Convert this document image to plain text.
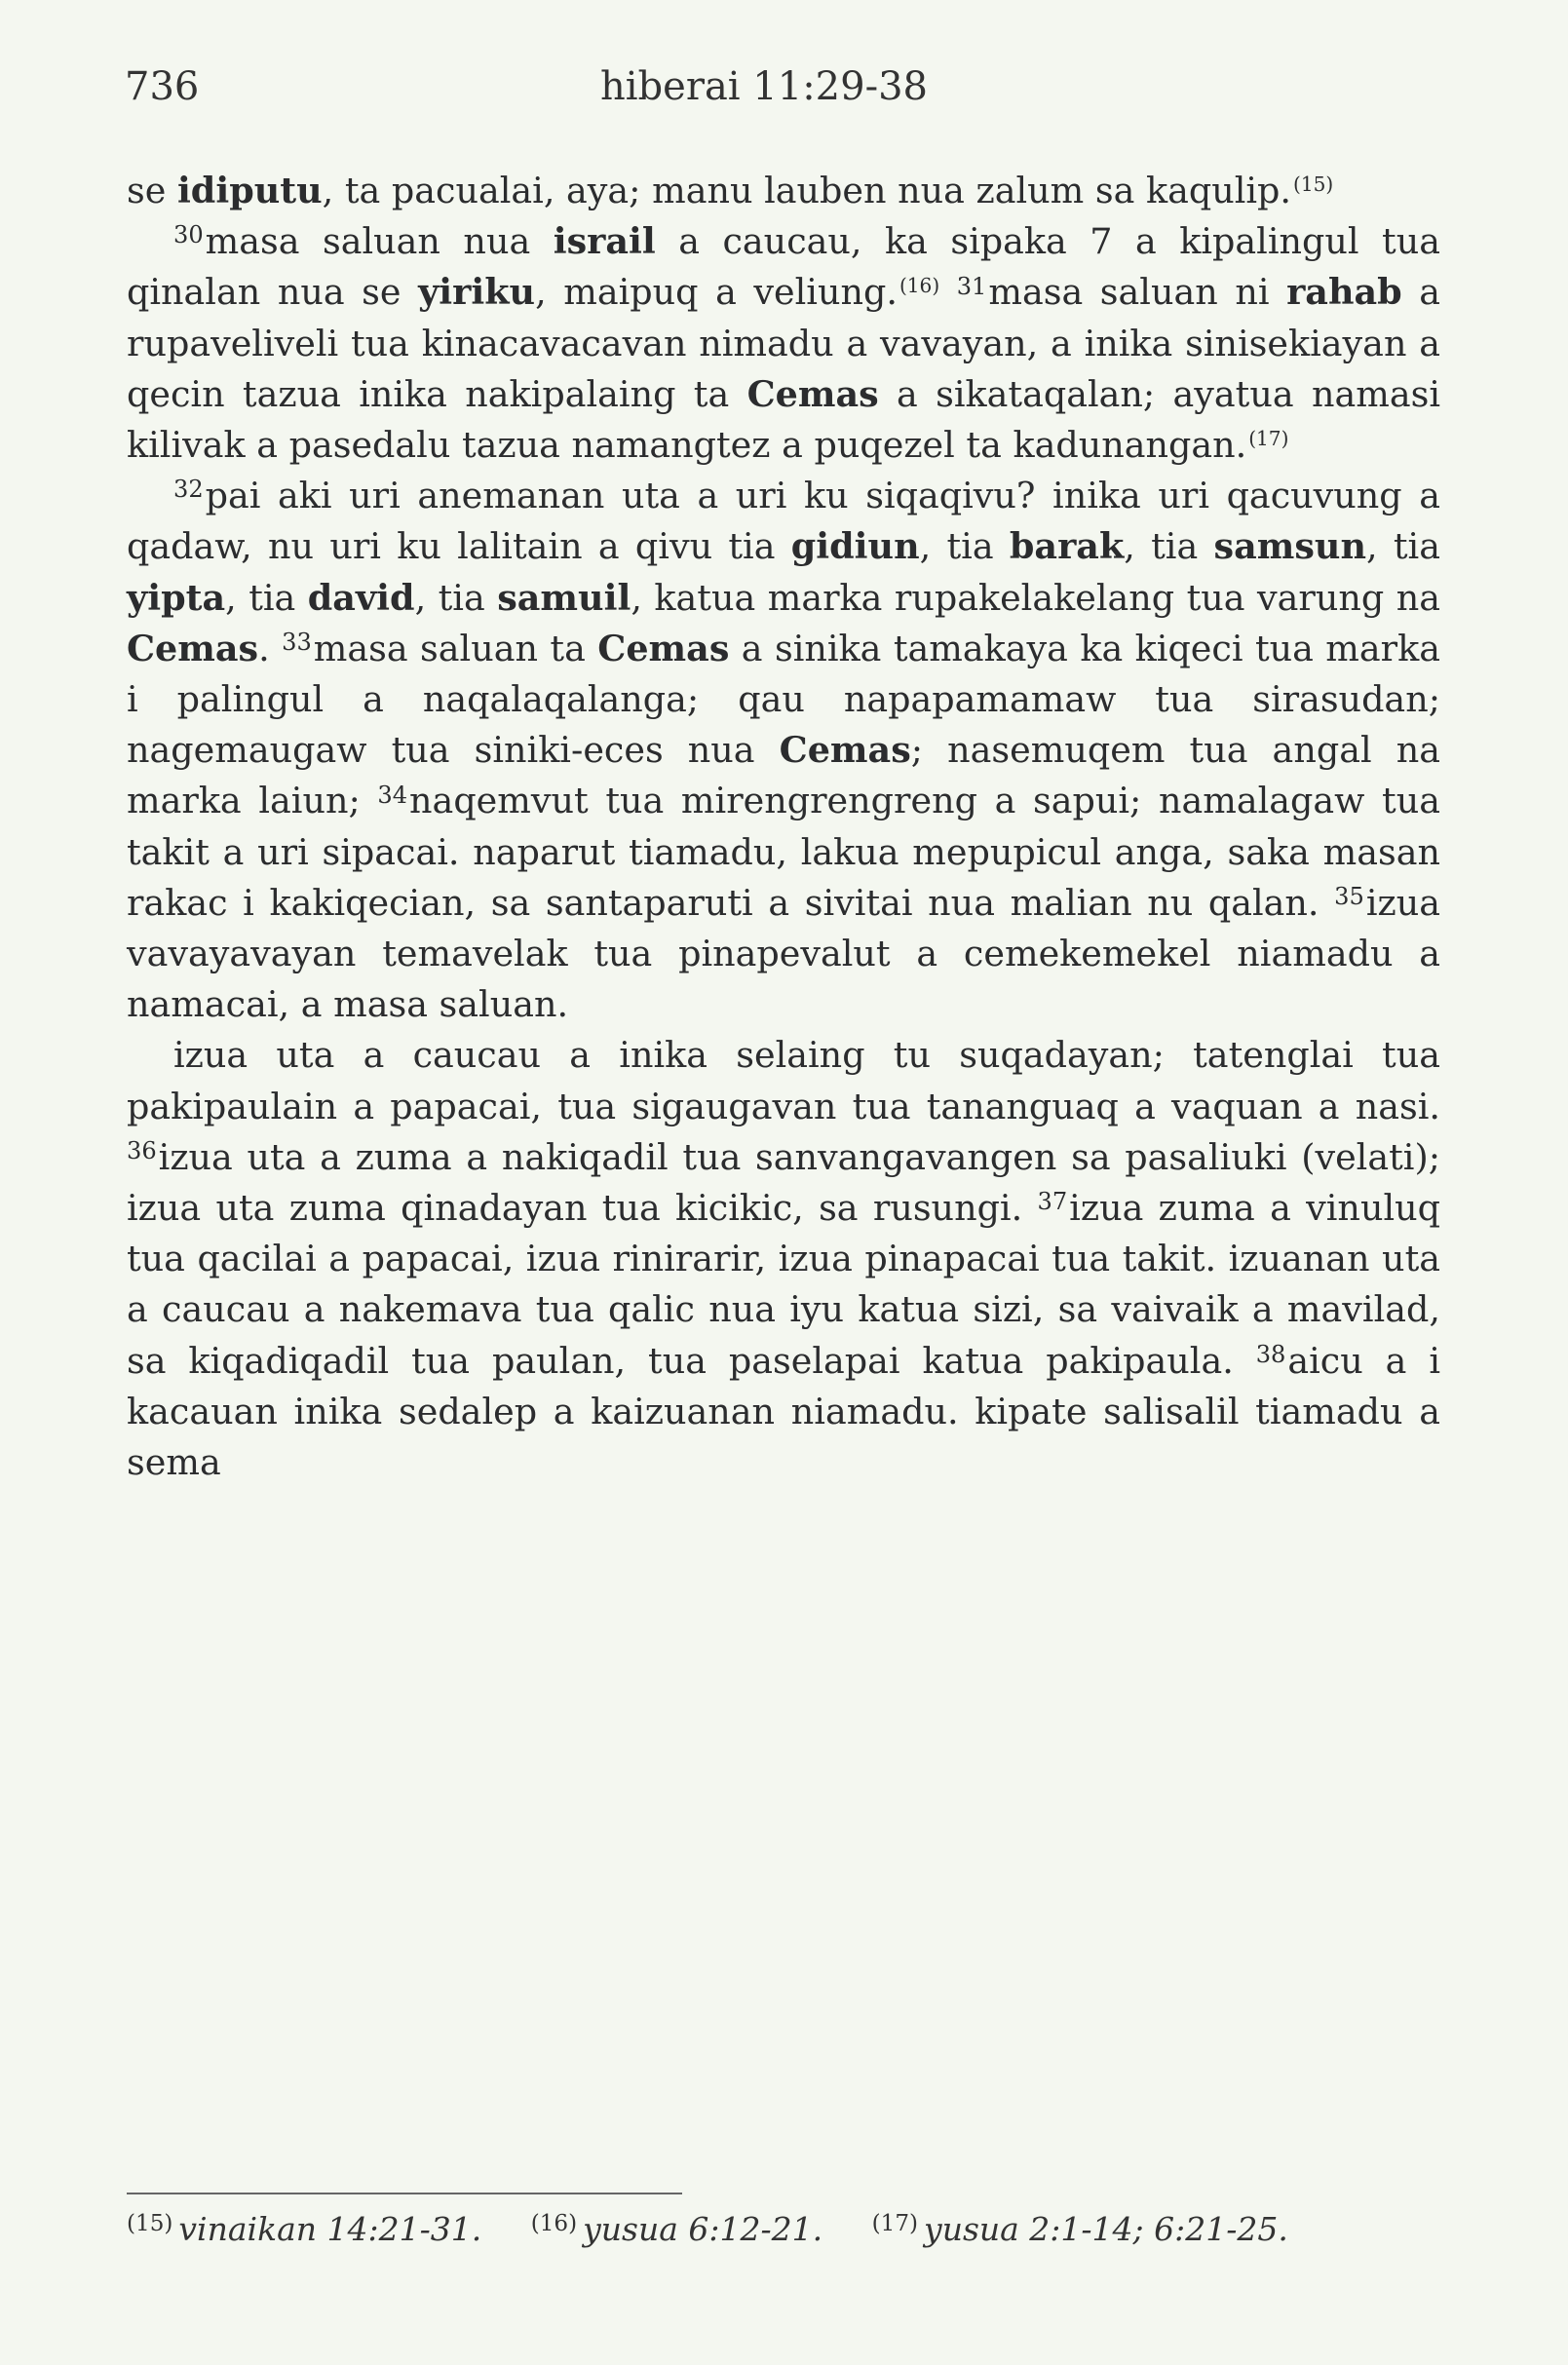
736	hiberai 11:29-38

se idiputu, ta pacualai, aya; manu lauben nua zalum sa kaqulip.$^{(15)}$

$^{30}$masa saluan nua israil a caucau, ka sipaka 7 a kipalingul tua qinalan nua se yiriku, maipuq a veliung.$^{(16)}$ $^{31}$masa saluan ni rahab a rupaveliveli tua kinacavacavan nimadu a vavayan, a inika sinisekiayan a qecin tazua inika nakipalaing ta Cemas a sikataqalan; ayatua namasi kilivak a pasedalu tazua namangtez a puqezel ta kadunangan.$^{(17)}$

$^{32}$pai aki uri anemanan uta a uri ku siqaqivu? inika uri qacuvung a qadaw, nu uri ku lalitain a qivu tia gidiun, tia barak, tia samsun, tia yipta, tia david, tia samuil, katua marka rupakelakelang tua varung na Cemas. $^{33}$masa saluan ta Cemas a sinika tamakaya ka kiqeci tua marka i palingul a naqalaqalanga; qau napapamamaw tua sirasudan; nagemaugaw tua siniki-eces nua Cemas; nasemuqem tua angal na marka laiun; $^{34}$naqemvut tua mirengrengreng a sapui; namalagaw tua takit a uri sipacai. naparut tiamadu, lakua mepupicul anga, saka masan rakac i kakiqecian, sa santaparuti a sivitai nua malian nu qalan. $^{35}$izua vavayavayan temavelak tua pinapevalut a cemekemekel niamadu a namacai, a masa saluan.

izua uta a caucau a inika selaing tu suqadayan; tatenglai tua pakipaulain a papacai, tua sigaugavan tua tananguaq a vaquan a nasi. $^{36}$izua uta a zuma a nakiqadil tua sanvangavangen sa pasaliuki (velati); izua uta zuma qinadayan tua kicikic, sa rusungi. $^{37}$izua zuma a vinuluq tua qacilai a papacai, izua rinirarir, izua pinapacai tua takit. izuanan uta a caucau a nakemava tua qalic nua iyu katua sizi, sa vaivaik a mavilad, sa kiqadiqadil tua paulan, tua paselapai katua pakipaula. $^{38}$aicu a i kacauan inika sedalep a kaizuanan niamadu. kipate salisalil tiamadu a sema

$^{(15)}$ vinaikan 14:21-31. $^{(16)}$ yusua 6:12-21. $^{(17)}$ yusua 2:1-14; 6:21-25.
